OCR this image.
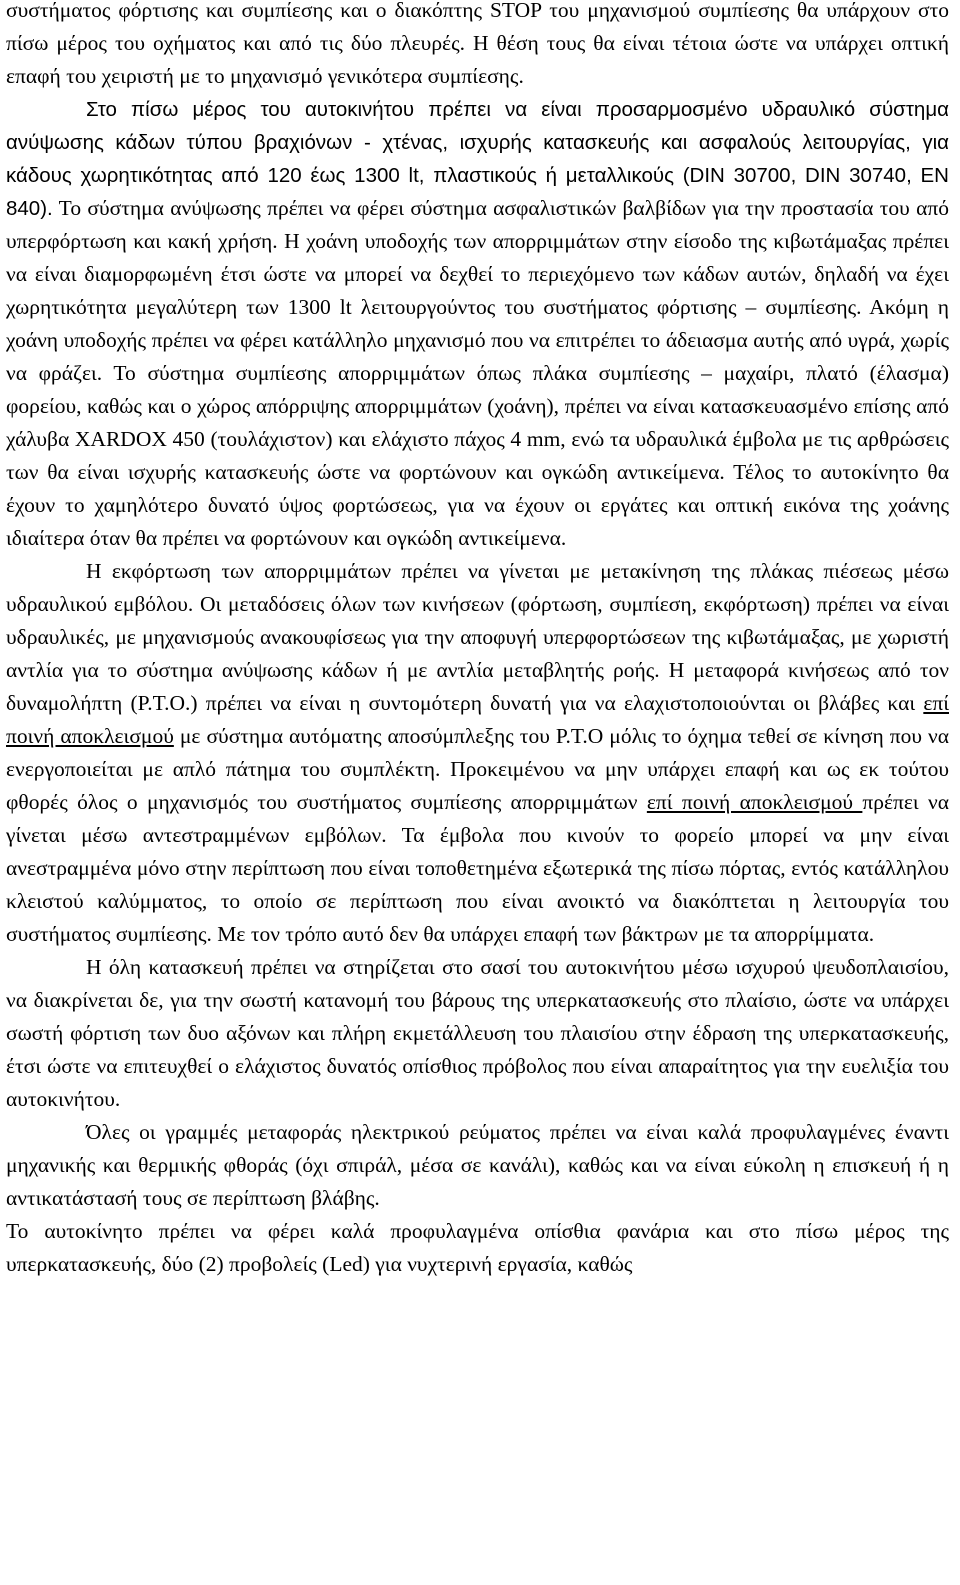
συστήματος φόρτισης και συμπίεσης και ο διακόπτης STOP του μηχανισμού συμπίεσης θα υπάρχουν στο πίσω μέρος του οχήματος και από τις δύο πλευρές. Η θέση τους θα είναι τέτοια ώστε να υπάρχει οπτική επαφή του χειριστή με το μηχανισμό γενικότερα συμπίεσης.

Στο πίσω μέρος του αυτοκινήτου πρέπει να είναι προσαρμοσμένο υδραυλικό σύστημα ανύψωσης κάδων τύπου βραχιόνων - χτένας, ισχυρής κατασκευής και ασφαλούς λειτουργίας, για κάδους χωρητικότητας από 120 έως 1300 lt, πλαστικούς ή μεταλλικούς (DIN 30700, DIN 30740, EN 840). Το σύστημα ανύψωσης πρέπει να φέρει σύστημα ασφαλιστικών βαλβίδων για την προστασία του από υπερφόρτωση και κακή χρήση. Η χοάνη υποδοχής των απορριμμάτων στην είσοδο της κιβωτάμαξας πρέπει να είναι διαμορφωμένη έτσι ώστε να μπορεί να δεχθεί το περιεχόμενο των κάδων αυτών, δηλαδή να έχει χωρητικότητα μεγαλύτερη των 1300 lt λειτουργούντος του συστήματος φόρτισης – συμπίεσης. Ακόμη η χοάνη υποδοχής πρέπει να φέρει κατάλληλο μηχανισμό που να επιτρέπει το άδειασμα αυτής από υγρά, χωρίς να φράζει. Το σύστημα συμπίεσης απορριμμάτων όπως πλάκα συμπίεσης – μαχαίρι, πλατό (έλασμα) φορείου, καθώς και ο χώρος απόρριψης απορριμμάτων (χοάνη), πρέπει να είναι κατασκευασμένο επίσης από χάλυβα XARDOX 450 (τουλάχιστον) και ελάχιστο πάχος 4 mm, ενώ τα υδραυλικά έμβολα με τις αρθρώσεις των θα είναι ισχυρής κατασκευής ώστε να φορτώνουν και ογκώδη αντικείμενα. Τέλος το αυτοκίνητο θα έχουν το χαμηλότερο δυνατό ύψος φορτώσεως, για να έχουν οι εργάτες και οπτική εικόνα της χοάνης ιδιαίτερα όταν θα πρέπει να φορτώνουν και ογκώδη αντικείμενα.

Η εκφόρτωση των απορριμμάτων πρέπει να γίνεται με μετακίνηση της πλάκας πιέσεως μέσω υδραυλικού εμβόλου. Οι μεταδόσεις όλων των κινήσεων (φόρτωση, συμπίεση, εκφόρτωση) πρέπει να είναι υδραυλικές, με μηχανισμούς ανακουφίσεως για την αποφυγή υπερφορτώσεων της κιβωτάμαξας, με χωριστή αντλία για το σύστημα ανύψωσης κάδων ή με αντλία μεταβλητής ροής. Η μεταφορά κινήσεως από τον δυναμολήπτη (P.T.O.) πρέπει να είναι η συντομότερη δυνατή για να ελαχιστοποιούνται οι βλάβες και επί ποινή αποκλεισμού με σύστημα αυτόματης αποσύμπλεξης του P.T.O μόλις το όχημα τεθεί σε κίνηση που να ενεργοποιείται με απλό πάτημα του συμπλέκτη. Προκειμένου να μην υπάρχει επαφή και ως εκ τούτου φθορές όλος ο μηχανισμός του συστήματος συμπίεσης απορριμμάτων επί ποινή αποκλεισμού πρέπει να γίνεται μέσω αντεστραμμένων εμβόλων. Τα έμβολα που κινούν το φορείο μπορεί να μην είναι ανεστραμμένα μόνο στην περίπτωση που είναι τοποθετημένα εξωτερικά της πίσω πόρτας, εντός κατάλληλου κλειστού καλύμματος, το οποίο σε περίπτωση που είναι ανοικτό να διακόπτεται η λειτουργία του συστήματος συμπίεσης. Με τον τρόπο αυτό δεν θα υπάρχει επαφή των βάκτρων με τα απορρίμματα.

Η όλη κατασκευή πρέπει να στηρίζεται στο σασί του αυτοκινήτου μέσω ισχυρού ψευδοπλαισίου, να διακρίνεται δε, για την σωστή κατανομή του βάρους της υπερκατασκευής στο πλαίσιο, ώστε να υπάρχει σωστή φόρτιση των δυο αξόνων και πλήρη εκμετάλλευση του πλαισίου στην έδραση της υπερκατασκευής, έτσι ώστε να επιτευχθεί ο ελάχιστος δυνατός οπίσθιος πρόβολος που είναι απαραίτητος για την ευελιξία του αυτοκινήτου.

Όλες οι γραμμές μεταφοράς ηλεκτρικού ρεύματος πρέπει να είναι καλά προφυλαγμένες έναντι μηχανικής και θερμικής φθοράς (όχι σπιράλ, μέσα σε κανάλι), καθώς και να είναι εύκολη η επισκευή ή η αντικατάστασή τους σε περίπτωση βλάβης.

Το αυτοκίνητο πρέπει να φέρει καλά προφυλαγμένα οπίσθια φανάρια και στο πίσω μέρος της υπερκατασκευής, δύο (2) προβολείς (Led) για νυχτερινή εργασία, καθώς
